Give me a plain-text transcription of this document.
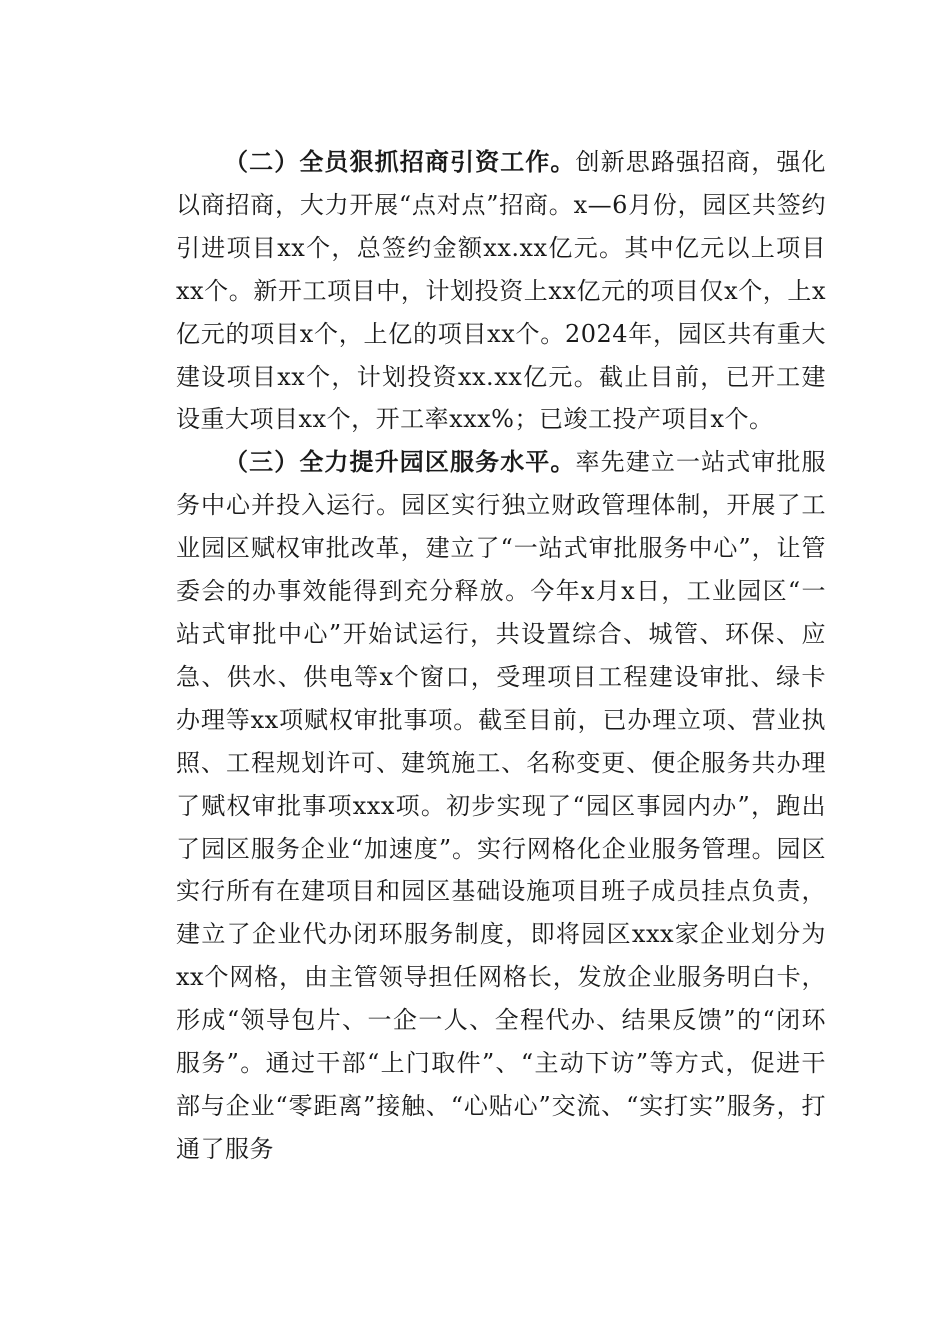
（二）全员狠抓招商引资工作。创新思路强招商，强化以商招商，大力开展“点对点”招商。x—6月份，园区共签约引进项目xx个，总签约金额xx.xx亿元。其中亿元以上项目xx个。新开工项目中，计划投资上xx亿元的项目仅x个，上x亿元的项目x个，上亿的项目xx个。2024年，园区共有重大建设项目xx个，计划投资xx.xx亿元。截止目前，已开工建设重大项目xx个，开工率xxx%；已竣工投产项目x个。

（三）全力提升园区服务水平。率先建立一站式审批服务中心并投入运行。园区实行独立财政管理体制，开展了工业园区赋权审批改革，建立了“一站式审批服务中心”，让管委会的办事效能得到充分释放。今年x月x日，工业园区“一站式审批中心”开始试运行，共设置综合、城管、环保、应急、供水、供电等x个窗口，受理项目工程建设审批、绿卡办理等xx项赋权审批事项。截至目前，已办理立项、营业执照、工程规划许可、建筑施工、名称变更、便企服务共办理了赋权审批事项xxx项。初步实现了“园区事园内办”，跑出了园区服务企业“加速度”。实行网格化企业服务管理。园区实行所有在建项目和园区基础设施项目班子成员挂点负责，建立了企业代办闭环服务制度，即将园区xxx家企业划分为xx个网格，由主管领导担任网格长，发放企业服务明白卡，形成“领导包片、一企一人、全程代办、结果反馈”的“闭环服务”。通过干部“上门取件”、“主动下访”等方式，促进干部与企业“零距离”接触、“心贴心”交流、“实打实”服务，打通了服务
